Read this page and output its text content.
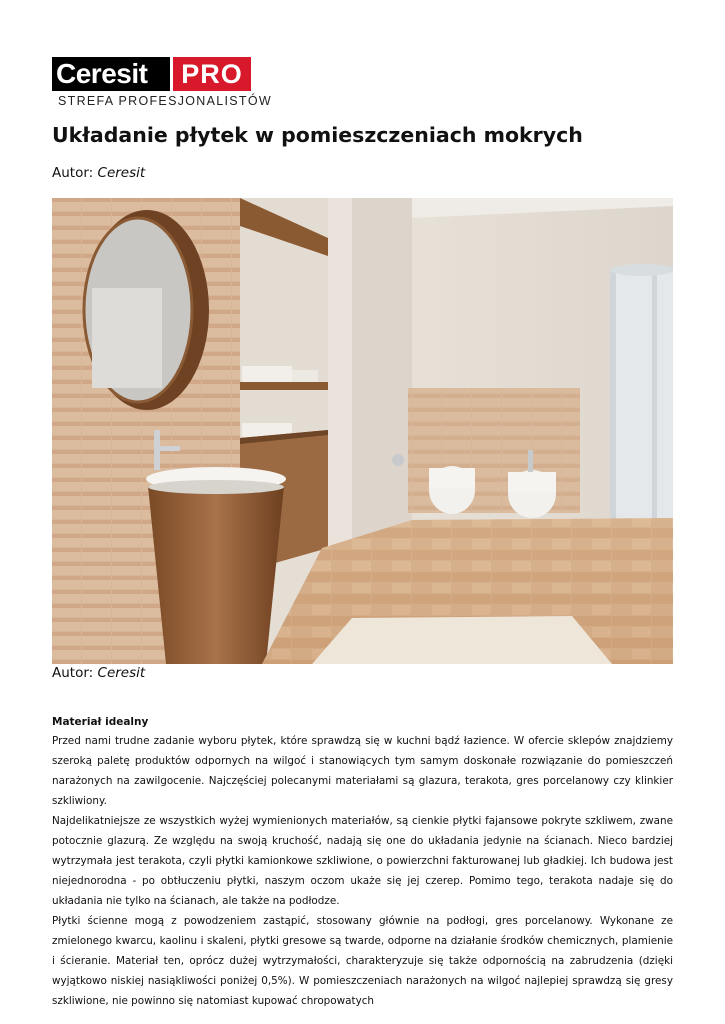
Ceresit	PRO
STREFA PROFESJONALISTÓW
Układanie płytek w pomieszczeniach mokrych
Autor: Ceresit
Autor: Ceresit
Materiał idealny

Przed nami trudne zadanie wyboru płytek, które sprawdzą się w kuchni bądź łazience. W ofercie sklepów znajdziemy szeroką paletę produktów odpornych na wilgoć i stanowiących tym samym doskonałe rozwiązanie do pomieszczeń narażonych na zawilgocenie. Najczęściej polecanymi materiałami są glazura, terakota, gres porcelanowy czy klinkier szkliwiony.

Najdelikatniejsze ze wszystkich wyżej wymienionych materiałów, są cienkie płytki fajansowe pokryte szkliwem, zwane potocznie glazurą. Ze względu na swoją kruchość, nadają się one do układania jedynie na ścianach. Nieco bardziej wytrzymała jest terakota, czyli płytki kamionkowe szkliwione, o powierzchni fakturowanej lub gładkiej. Ich budowa jest niejednorodna - po obtłuczeniu płytki, naszym oczom ukaże się jej czerep. Pomimo tego, terakota nadaje się do układania nie tylko na ścianach, ale także na podłodze.

Płytki ścienne mogą z powodzeniem zastąpić, stosowany głównie na podłogi, gres porcelanowy. Wykonane ze zmielonego kwarcu, kaolinu i skaleni, płytki gresowe są twarde, odporne na działanie środków chemicznych, plamienie i ścieranie. Materiał ten, oprócz dużej wytrzymałości, charakteryzuje się także odpornością na zabrudzenia (dzięki wyjątkowo niskiej nasiąkliwości poniżej 0,5%). W pomieszczeniach narażonych na wilgoć najlepiej sprawdzą się gresy szkliwione, nie powinno się natomiast kupować chropowatych
